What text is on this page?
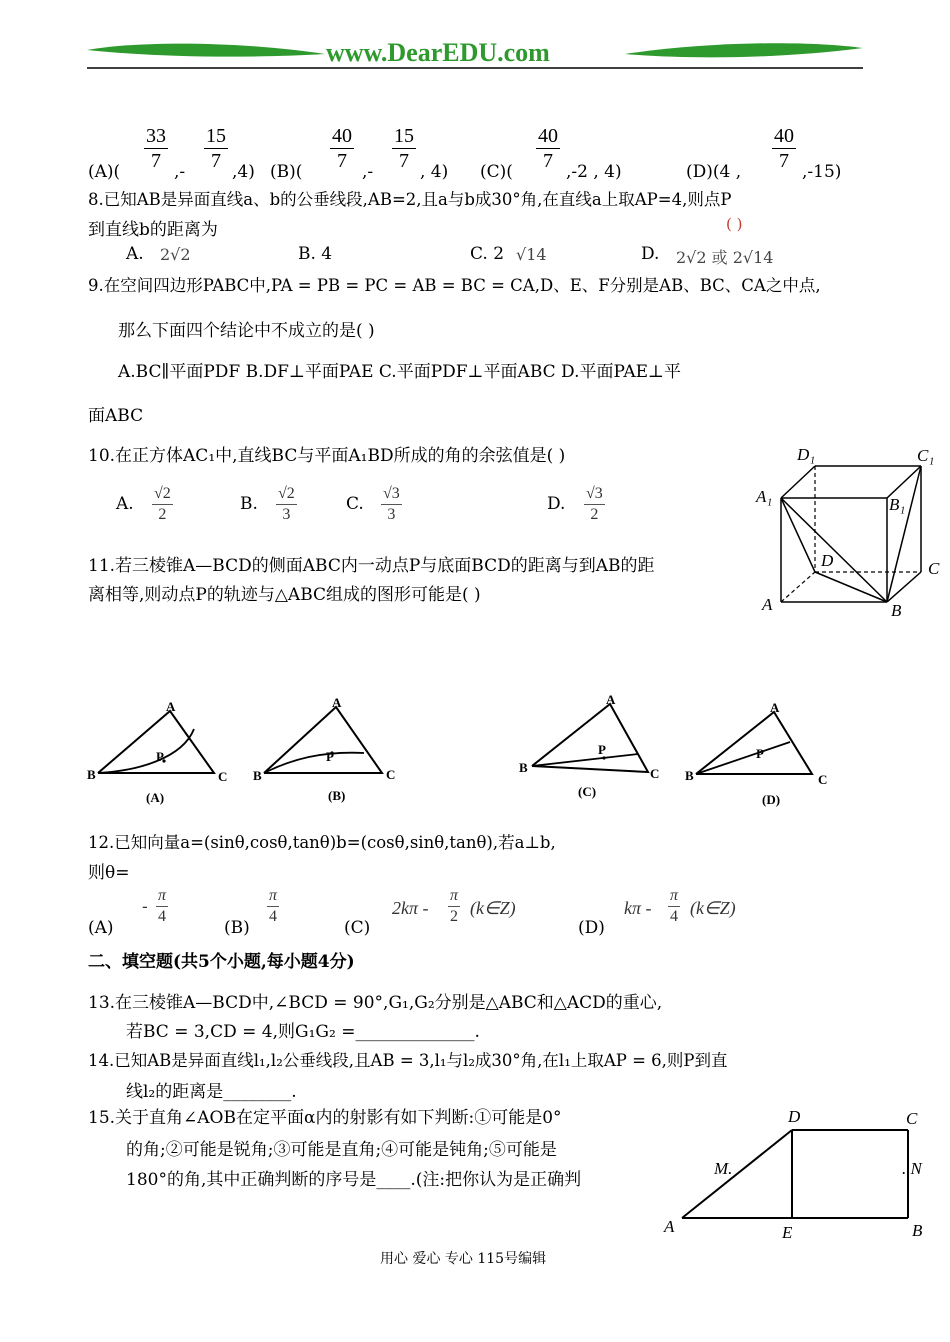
www.DearEDU.com
$(A)( \frac{33}{7}$ ,- $\frac{15}{7} ,4$) $(B)( \frac{40}{7}$ ,- $\frac{15}{7}$ , 4) $(C)( \frac{40}{7} ,-2$ , 4)	(D)(4 , $\frac{40}{7} ,-15$)
8.已知AB是异面直线a、b的公垂线段,AB=2,且a与b成30°角,在直线a上取AP=4,则点P
到直线b的距离为	( )
A. 2√2	B. 4	C. 2 √14	D. 2√2 或 2√14
9.在空间四边形PABC中,PA = PB = PC = AB = BC = CA,D、E、F分别是AB、BC、CA之中点,
那么下面四个结论中不成立的是( )
A.BC∥平面PDF B.DF⊥平面PAE C.平面PDF⊥平面ABC D.平面PAE⊥平
面ABC
10.在正方体AC₁中,直线BC与平面A₁BD所成的角的余弦值是( )
A. $\frac{√2}{2}$	B. $\frac{√2}{3}$	C. $\frac{√3}{3}$	D. $\frac{√3}{2}$
D₁	C₁
A₁	B₁
D	C
A	B
11.若三棱锥A—BCD的侧面ABC内一动点P与底面BCD的距离与到AB的距
离相等,则动点P的轨迹与△ABC组成的图形可能是( )
A
B	C
P
(A)
A
B	C
P
(B)
A
B	C
P
(C)
A
B	C
P
(D)
12.已知向量a=(sinθ,cosθ,tanθ)b=(cosθ,sinθ,tanθ),若a⊥b,
则θ=
(A)
- $\frac{\pi}{4}$
(B)
$\frac{\pi}{4}$
(C)
$2k\pi - \frac{\pi}{2}$ (k∈Z)
(D)
kπ - $\frac{\pi}{4}$ (k∈Z)
二、填空题(共5个小题,每小题4分)
13.在三棱锥A—BCD中,∠BCD = 90°,G₁,G₂分别是△ABC和△ACD的重心,
若BC = 3,CD = 4,则G₁G₂ =______________.
14.已知AB是异面直线l₁,l₂公垂线段,且AB = 3,l₁与l₂成30°角,在l₁上取AP = 6,则P到直
线l₂的距离是________.
15.关于直角∠AOB在定平面α内的射影有如下判断:①可能是0°
的角;②可能是锐角;③可能是直角;④可能是钝角;⑤可能是
180°的角,其中正确判断的序号是____.(注:把你认为是正确判
D	C
M.	. N
A	E	B
用心 爱心 专心 115号编辑
